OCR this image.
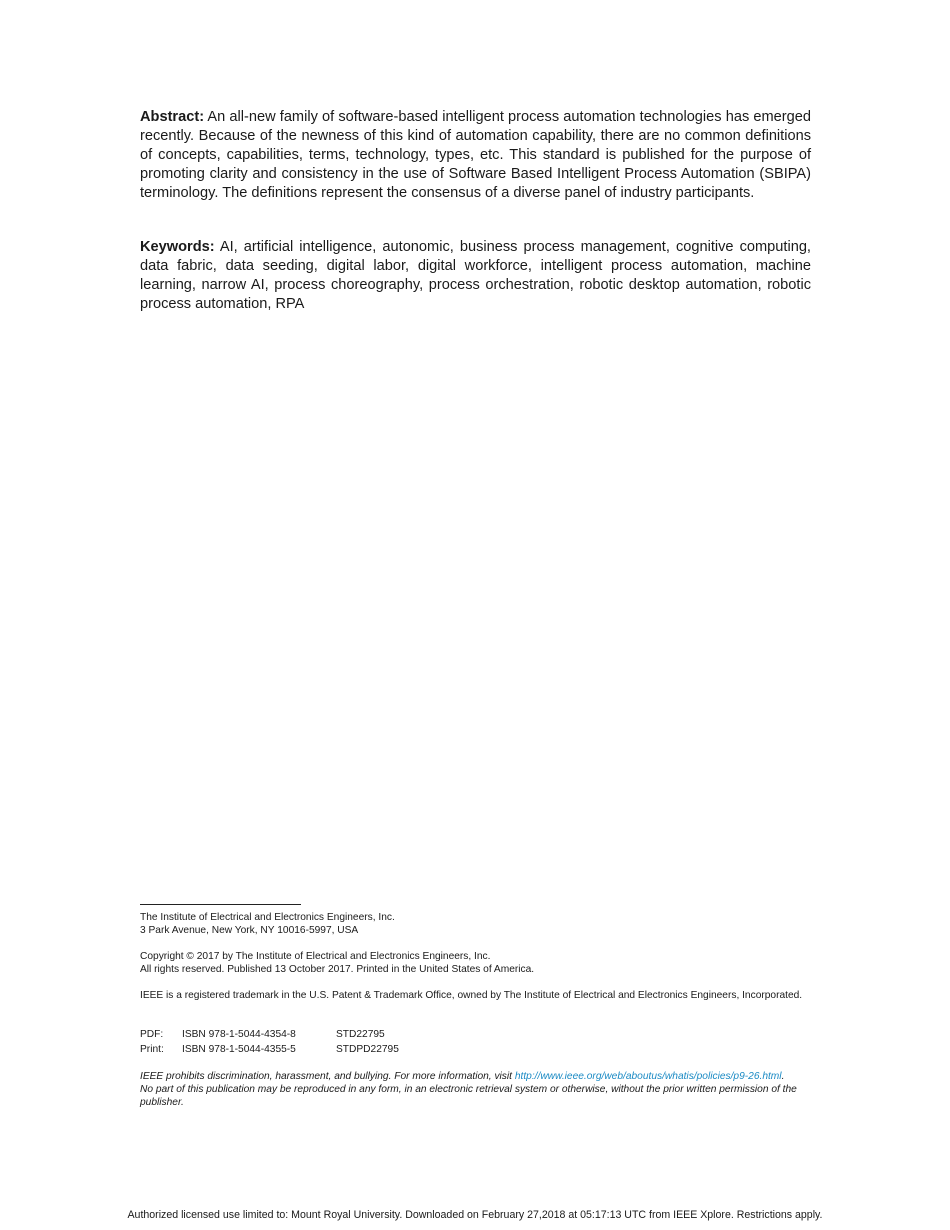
Abstract: An all-new family of software-based intelligent process automation technologies has emerged recently. Because of the newness of this kind of automation capability, there are no common definitions of concepts, capabilities, terms, technology, types, etc. This standard is published for the purpose of promoting clarity and consistency in the use of Software Based Intelligent Process Automation (SBIPA) terminology. The definitions represent the consensus of a diverse panel of industry participants.

Keywords: AI, artificial intelligence, autonomic, business process management, cognitive computing, data fabric, data seeding, digital labor, digital workforce, intelligent process automation, machine learning, narrow AI, process choreography, process orchestration, robotic desktop automation, robotic process automation, RPA

The Institute of Electrical and Electronics Engineers, Inc.

3 Park Avenue, New York, NY 10016-5997, USA

Copyright © 2017 by The Institute of Electrical and Electronics Engineers, Inc.

All rights reserved. Published 13 October 2017. Printed in the United States of America.

IEEE is a registered trademark in the U.S. Patent & Trademark Office, owned by The Institute of Electrical and Electronics Engineers, Incorporated.

PDF:	ISBN 978-1-5044-4354-8	STD22795
Print:	ISBN 978-1-5044-4355-5	STDPD22795

IEEE prohibits discrimination, harassment, and bullying. For more information, visit http://www.ieee.org/web/aboutus/whatis/policies/p9-26.html.

No part of this publication may be reproduced in any form, in an electronic retrieval system or otherwise, without the prior written permission of the publisher.

Authorized licensed use limited to: Mount Royal University. Downloaded on February 27,2018 at 05:17:13 UTC from IEEE Xplore. Restrictions apply.
